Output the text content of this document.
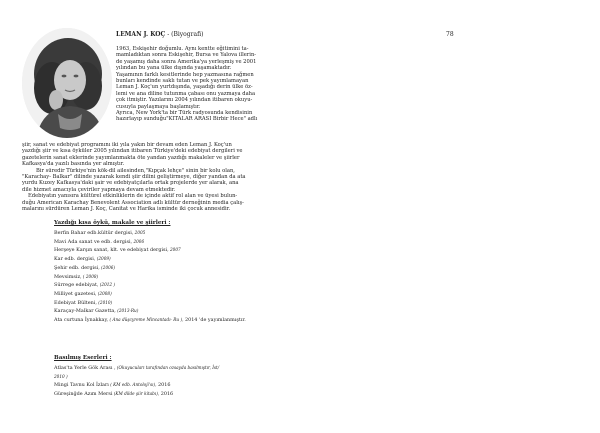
78
LEMAN J. KOÇ - (Biyografi)
1963, Eskişehir doğumlu. Aynı kentte eğitimini ta-
mamladıktan sonra Eskişehir, Bursa ve Yalova illerin-
de yaşamış daha sonra Amerika'ya yerleşmiş ve 2001
yılından bu yana ülke dışında yaşamaktadır.
Yaşamının farklı kesitlerinde hep yazmasına rağmen
bunları kendinde saklı tutan ve pek yayımlamayan
Leman J. Koç'un yurtdışında, yaşadığı derin ülke öz-
lemi ve ana diline tutunma çabası onu yazmaya daha
çok itmiştir. Yazılarını 2004 yılından itibaren okuyu-
cusuyla paylaşmaya başlamıştır.
Ayrıca, New York'ta bir Türk radyosunda kendisinin
hazırlayıp sunduğu"KITALAR ARASI Birbir Hece" adlı
şiir, sanat ve edebiyat programını iki yıla yakın bir devam eden Leman J. Koç'un
yazdığı şiir ve kısa öyküler 2005 yılından itibaren Türkiye'deki edebiyat dergileri ve
gazetelerin sanat eklerinde yayımlanmakta öte yandan yazdığı makaleler ve şiirler
Kafkasya'da yazılı basında yer almıştır.
Bir süredir Türkiye'nin kök-dil ailesinden,"Kıpçak lehçe" sinin bir kolu olan,
"Karachay- Balkar" dilinde yazarak kendi şiir dilini geliştirmeye, diğer yandan da ata
yurdu Kuzey Kafkasya'daki şair ve edebiyatçılarla ortak projelerde yer alarak, ana
dile hizmet amacıyla çeviriler yapmaya devam etmektedir.
Edebiyatın yanısıra kültürel etkinliklerin de içinde aktif rol alan ve üyesi bulun-
duğu American Karachay Benevolent Association adlı kültür derneğinin media çalış-
malarını sürdüren Leman J. Koç, Canitat ve Harika isminde iki çocuk annesidir.
Yazdığı kısa öykü, makale ve şiirleri :
Berfin Bahar edb.kültür dergisi, 2005
Mavi Ada sanat ve edb. dergisi, 2006
Herşeye Karşın sanat, klt. ve edebiyat dergisi, 2007
Kar edb. dergisi, (2009)
Şehir edb. dergisi, (2006)
Mevsimsiz, ( 2008)
Sürrege edebiyat, (2012 )
Milliyet gazetesi, (2008)
Edebiyat Bülteni, (2010)
Karaçay-Malkar Gazetta, (2013-Ru)
Ata curtuna İynakkay, ( Ana düşcyreme Mincantadı- Ru ), 2014 'de yayımlanmıştır.
Basılmış Eserleri :
Atlas'ta Yerle Gök Arası , (Okuyucuları tarafından ozsayda basılmıştır, İst/
2010 )
Mingi Tavnu Kol İzları ( KM edb. Antoloji'sı), 2016
Güreşinğde Azım Mersi (KM dilde şiir kitabı), 2016
